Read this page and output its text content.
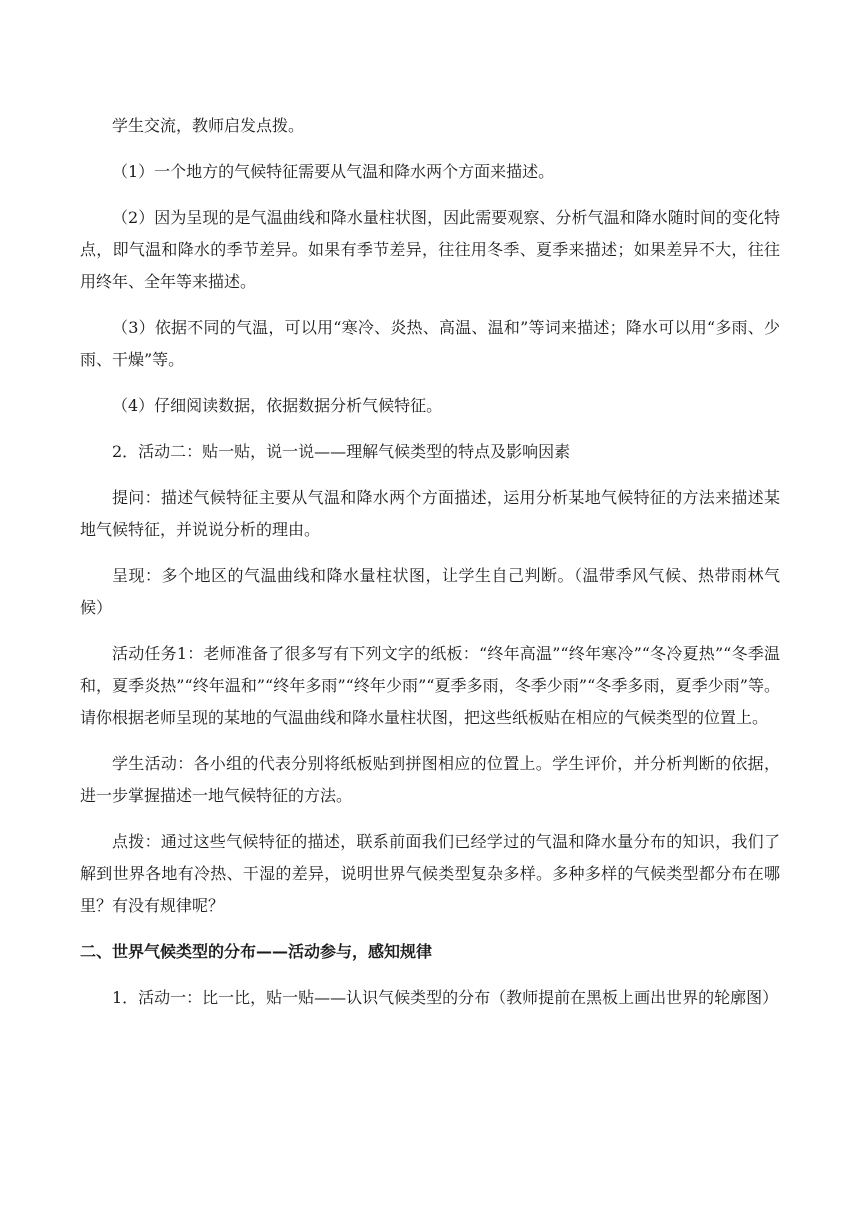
学生交流，教师启发点拨。

（1）一个地方的气候特征需要从气温和降水两个方面来描述。

（2）因为呈现的是气温曲线和降水量柱状图，因此需要观察、分析气温和降水随时间的变化特点，即气温和降水的季节差异。如果有季节差异，往往用冬季、夏季来描述；如果差异不大，往往用终年、全年等来描述。

（3）依据不同的气温，可以用“寒冷、炎热、高温、温和”等词来描述；降水可以用“多雨、少雨、干燥”等。

（4）仔细阅读数据，依据数据分析气候特征。

2．活动二：贴一贴，说一说——理解气候类型的特点及影响因素

提问：描述气候特征主要从气温和降水两个方面描述，运用分析某地气候特征的方法来描述某地气候特征，并说说分析的理由。

呈现：多个地区的气温曲线和降水量柱状图，让学生自己判断。（温带季风气候、热带雨林气候）

活动任务1：老师准备了很多写有下列文字的纸板：“终年高温”“终年寒冷”“冬冷夏热”“冬季温和，夏季炎热”“终年温和”“终年多雨”“终年少雨”“夏季多雨，冬季少雨”“冬季多雨，夏季少雨”等。请你根据老师呈现的某地的气温曲线和降水量柱状图，把这些纸板贴在相应的气候类型的位置上。

学生活动：各小组的代表分别将纸板贴到拼图相应的位置上。学生评价，并分析判断的依据，进一步掌握描述一地气候特征的方法。

点拨：通过这些气候特征的描述，联系前面我们已经学过的气温和降水量分布的知识，我们了解到世界各地有冷热、干湿的差异，说明世界气候类型复杂多样。多种多样的气候类型都分布在哪里？有没有规律呢？

二、世界气候类型的分布——活动参与，感知规律

1．活动一：比一比，贴一贴——认识气候类型的分布（教师提前在黑板上画出世界的轮廓图）
